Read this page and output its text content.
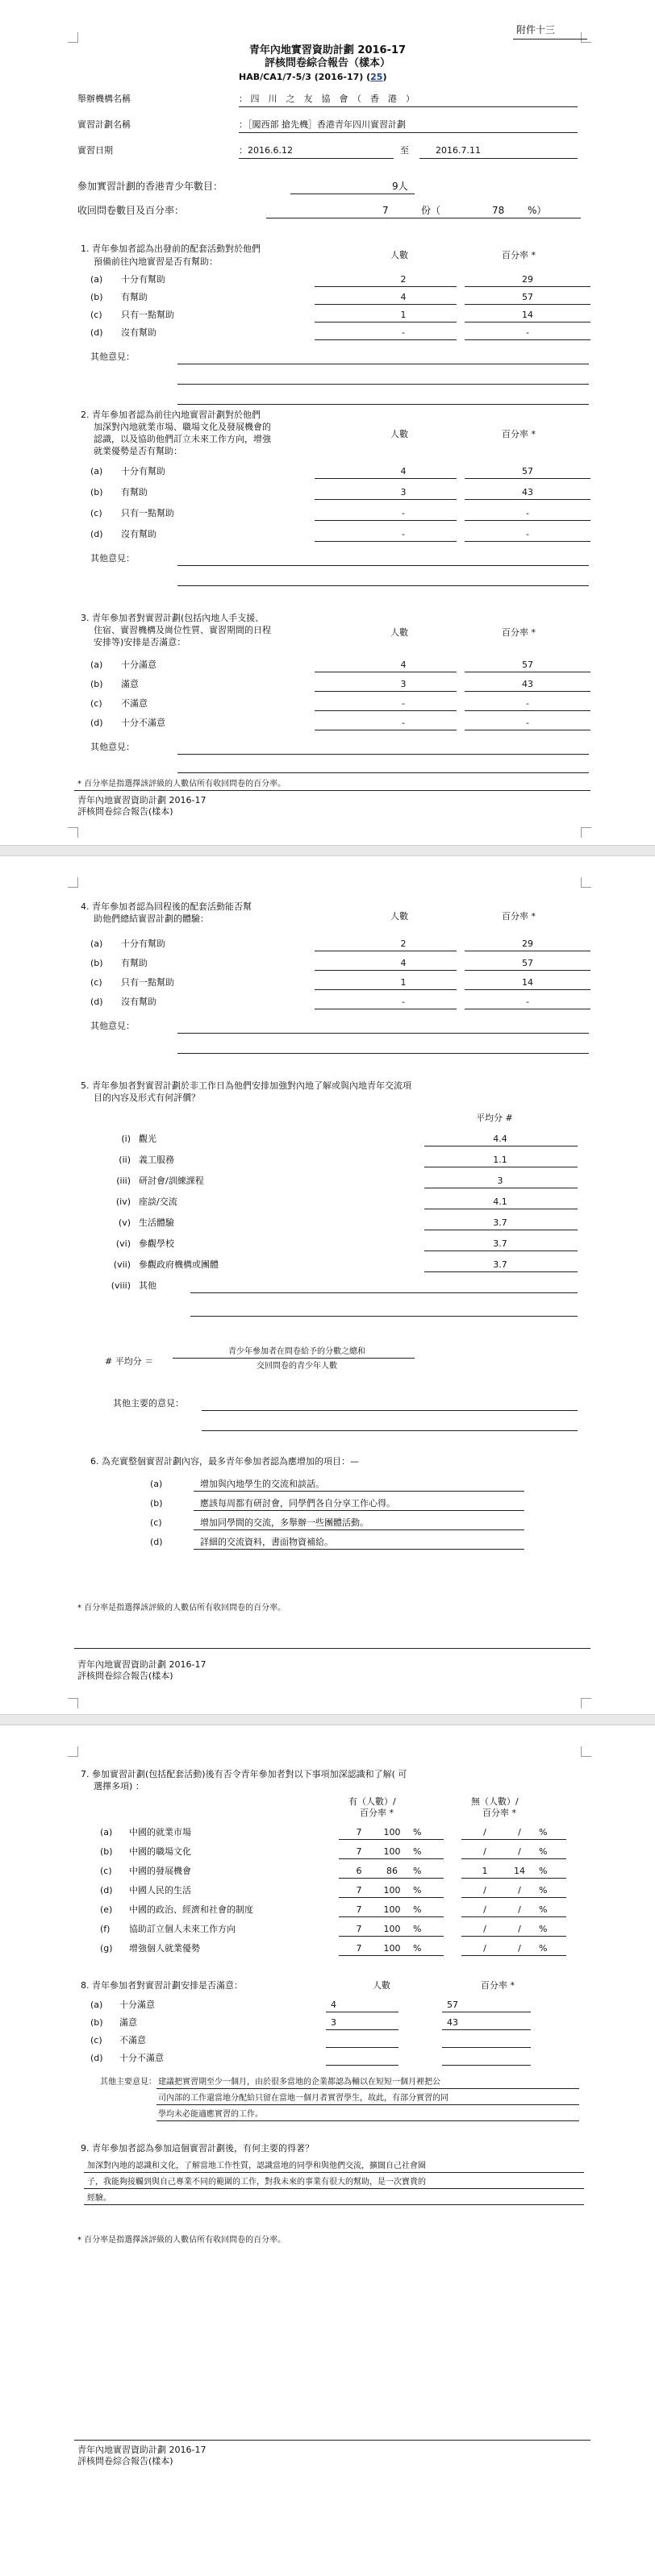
附件十三
青年內地實習資助計劃 2016-17
評核問卷綜合報告（樣本）
HAB/CA1/7-5/3 (2016-17) (25)
舉辦機構名稱	： 四　川　之　友　協　會　（　香　港　）
實習計劃名稱	：［闖西部 搶先機］香港青年四川實習計劃
實習日期	：2016.6.12	至	2016.7.11
參加實習計劃的香港青少年數目：	9人
收回問卷數目及百分率：	7	份（	78 %）
1. 青年參加者認為出發前的配套活動對於他們
預備前往內地實習是否有幫助：
人數	百分率 *
(a) 十分有幫助	2	29
(b) 有幫助	4	57
(c) 只有一點幫助	1	14
(d) 沒有幫助	-	-
其他意見：
2. 青年參加者認為前往內地實習計劃對於他們
加深對內地就業市場、職場文化及發展機會的
認識，以及協助他們訂立未來工作方向，增強
就業優勢是否有幫助：
人數	百分率 *
(a) 十分有幫助	4	57
(b) 有幫助	3	43
(c) 只有一點幫助	-	-
(d) 沒有幫助	-	-
其他意見：
3. 青年參加者對實習計劃(包括內地人手支援、
住宿、實習機構及崗位性質、實習期間的日程
安排等)安排是否滿意：
人數	百分率 *
(a) 十分滿意	4	57
(b) 滿意	3	43
(c) 不滿意	-	-
(d) 十分不滿意	-	-
其他意見：
* 百分率是指選擇該評級的人數佔所有收回問卷的百分率。
青年內地實習資助計劃 2016-17
評核問卷綜合報告(樣本)
4. 青年參加者認為回程後的配套活動能否幫
助他們總結實習計劃的體驗：	人數	百分率 *
(a) 十分有幫助	2	29
(b) 有幫助	4	57
(c) 只有一點幫助	1	14
(d) 沒有幫助	-	-
其他意見：
5. 青年參加者對實習計劃於非工作日為他們安排加強對內地了解或與內地青年交流項
目的內容及形式有何評價？
平均分 #
(i) 觀光	4.4
(ii) 義工服務	1.1
(iii) 研討會/訓練課程	3
(iv) 座談/交流	4.1
(v) 生活體驗	3.7
(vi) 參觀學校	3.7
(vii) 參觀政府機構或團體	3.7
(viii) 其他
# 平均分 ＝
青少年參加者在問卷給予的分數之總和
交回問卷的青少年人數
其他主要的意見：
6. 為充實整個實習計劃內容，最多青年參加者認為應增加的項目：—
(a)	增加與內地學生的交流和談話。
(b)	應該每周都有研討會，同學們各自分享工作心得。
(c)	增加同學間的交流，多舉辦一些團體活動。
(d)	詳細的交流資料，書面物資補給。
* 百分率是指選擇該評級的人數佔所有收回問卷的百分率。
青年內地實習資助計劃 2016-17
評核問卷綜合報告(樣本)
7. 參加實習計劃(包括配套活動)後有否令青年參加者對以下事項加深認識和了解( 可
選擇多項) ：
有（人數）/
百分率 *
無（人數）/
百分率 *
(a) 中國的就業市場	7	100	%	/	/	%
(b) 中國的職場文化	7	100	%	/	/	%
(c) 中國的發展機會	6	86	%	1	14	%
(d) 中國人民的生活	7	100	%	/	/	%
(e) 中國的政治、經濟和社會的制度	7	100	%	/	/	%
(f) 協助訂立個人未來工作方向	7	100	%	/	/	%
(g) 增強個人就業優勢	7	100	%	/	/	%
8. 青年參加者對實習計劃安排是否滿意：	人數	百分率 *
(a) 十分滿意	4	57
(b) 滿意	3	43
(c) 不滿意
(d) 十分不滿意
其他主要意見： 建議把實習期至少一個月，由於很多當地的企業都認為輔以在短短一個月裡把公
司內部的工作還當地分配給只留在當地一個月者實習學生，故此，有部分實習的同
學均未必能適應實習的工作。
9. 青年參加者認為參加這個實習計劃後，有何主要的得著？
加深對內地的認識和文化，了解當地工作性質，認識當地的同學和與他們交流，擴闊自己社會圈
子，我能夠接觸到與自己專業不同的範圍的工作，對我未來的事業有很大的幫助，是一次寶貴的
經驗。
* 百分率是指選擇該評級的人數佔所有收回問卷的百分率。
青年內地實習資助計劃 2016-17
評核問卷綜合報告(樣本)
